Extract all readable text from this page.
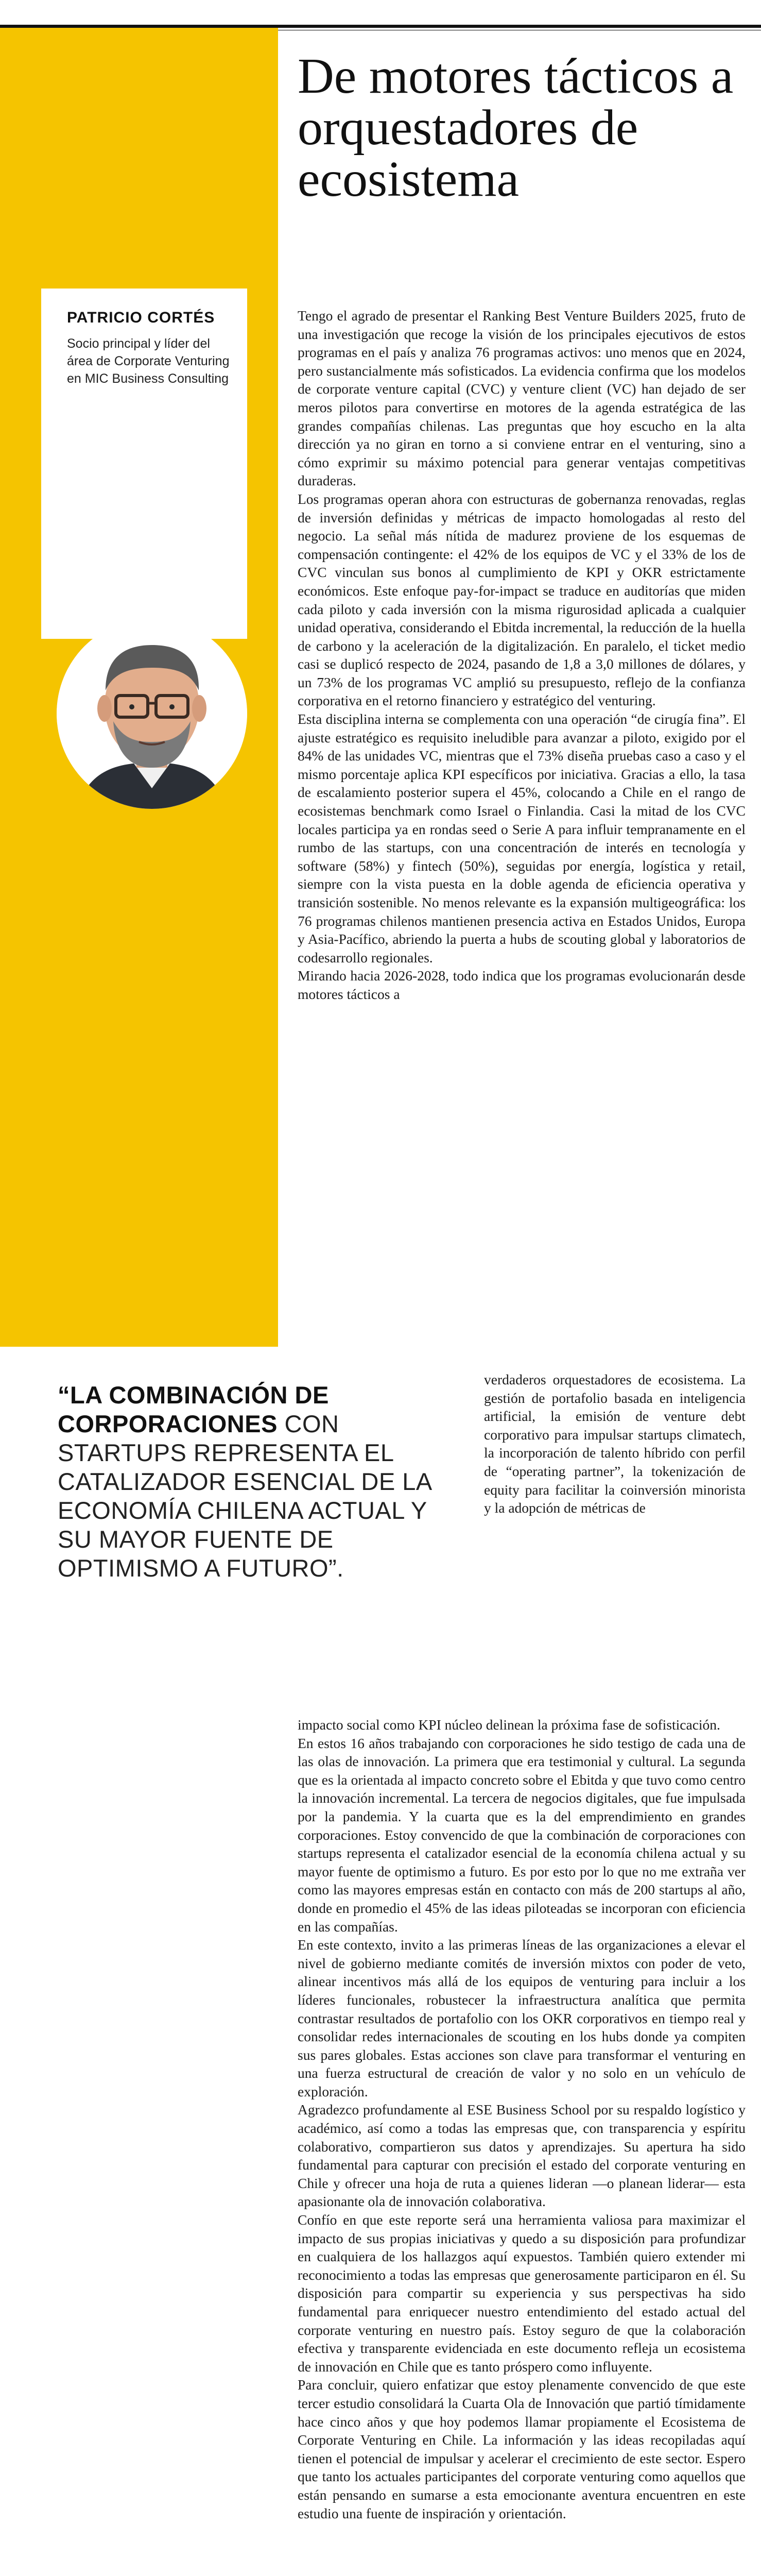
PATRICIO CORTÉS
Socio principal y líder del área de Corporate Venturing en MIC Business Consulting
De motores tácticos a orquestadores de ecosistema

Tengo el agrado de presentar el Ranking Best Venture Builders 2025, fruto de una investigación que recoge la visión de los principales ejecutivos de estos programas en el país y analiza 76 programas activos: uno menos que en 2024, pero sustancialmente más sofisticados. La evidencia confirma que los modelos de corporate venture capital (CVC) y venture client (VC) han dejado de ser meros pilotos para convertirse en motores de la agenda estratégica de las grandes compañías chilenas. Las preguntas que hoy escucho en la alta dirección ya no giran en torno a si conviene entrar en el venturing, sino a cómo exprimir su máximo potencial para generar ventajas competitivas duraderas.

Los programas operan ahora con estructuras de gobernanza renovadas, reglas de inversión definidas y métricas de impacto homologadas al resto del negocio. La señal más nítida de madurez proviene de los esquemas de compensación contingente: el 42% de los equipos de VC y el 33% de los de CVC vinculan sus bonos al cumplimiento de KPI y OKR estrictamente económicos. Este enfoque pay-for-impact se traduce en auditorías que miden cada piloto y cada inversión con la misma rigurosidad aplicada a cualquier unidad operativa, considerando el Ebitda incremental, la reducción de la huella de carbono y la aceleración de la digitalización. En paralelo, el ticket medio casi se duplicó respecto de 2024, pasando de 1,8 a 3,0 millones de dólares, y un 73% de los programas VC amplió su presupuesto, reflejo de la confianza corporativa en el retorno financiero y estratégico del venturing.

Esta disciplina interna se complementa con una operación “de cirugía fina”. El ajuste estratégico es requisito ineludible para avanzar a piloto, exigido por el 84% de las unidades VC, mientras que el 73% diseña pruebas caso a caso y el mismo porcentaje aplica KPI específicos por iniciativa. Gracias a ello, la tasa de escalamiento posterior supera el 45%, colocando a Chile en el rango de ecosistemas benchmark como Israel o Finlandia. Casi la mitad de los CVC locales participa ya en rondas seed o Serie A para influir tempranamente en el rumbo de las startups, con una concentración de interés en tecnología y software (58%) y fintech (50%), seguidas por energía, logística y retail, siempre con la vista puesta en la doble agenda de eficiencia operativa y transición sostenible. No menos relevante es la expansión multigeográfica: los 76 programas chilenos mantienen presencia activa en Estados Unidos, Europa y Asia-Pacífico, abriendo la puerta a hubs de scouting global y laboratorios de codesarrollo regionales.

Mirando hacia 2026-2028, todo indica que los programas evolucionarán desde motores tácticos a

“LA COMBINACIÓN DE CORPORACIONES CON STARTUPS REPRESENTA EL CATALIZADOR ESENCIAL DE LA ECONOMÍA CHILENA ACTUAL Y SU MAYOR FUENTE DE OPTIMISMO A FUTURO”.

verdaderos orquestadores de ecosistema. La gestión de portafolio basada en inteligencia artificial, la emisión de venture debt corporativo para impulsar startups climatech, la incorporación de talento híbrido con perfil de “operating partner”, la tokenización de equity para facilitar la coinversión minorista y la adopción de métricas de

impacto social como KPI núcleo delinean la próxima fase de sofisticación.

En estos 16 años trabajando con corporaciones he sido testigo de cada una de las olas de innovación. La primera que era testimonial y cultural. La segunda que es la orientada al impacto concreto sobre el Ebitda y que tuvo como centro la innovación incremental. La tercera de negocios digitales, que fue impulsada por la pandemia. Y la cuarta que es la del emprendimiento en grandes corporaciones. Estoy convencido de que la combinación de corporaciones con startups representa el catalizador esencial de la economía chilena actual y su mayor fuente de optimismo a futuro. Es por esto por lo que no me extraña ver como las mayores empresas están en contacto con más de 200 startups al año, donde en promedio el 45% de las ideas piloteadas se incorporan con eficiencia en las compañías.

En este contexto, invito a las primeras líneas de las organizaciones a elevar el nivel de gobierno mediante comités de inversión mixtos con poder de veto, alinear incentivos más allá de los equipos de venturing para incluir a los líderes funcionales, robustecer la infraestructura analítica que permita contrastar resultados de portafolio con los OKR corporativos en tiempo real y consolidar redes internacionales de scouting en los hubs donde ya compiten sus pares globales. Estas acciones son clave para transformar el venturing en una fuerza estructural de creación de valor y no solo en un vehículo de exploración.

Agradezco profundamente al ESE Business School por su respaldo logístico y académico, así como a todas las empresas que, con transparencia y espíritu colaborativo, compartieron sus datos y aprendizajes. Su apertura ha sido fundamental para capturar con precisión el estado del corporate venturing en Chile y ofrecer una hoja de ruta a quienes lideran —o planean liderar— esta apasionante ola de innovación colaborativa.

Confío en que este reporte será una herramienta valiosa para maximizar el impacto de sus propias iniciativas y quedo a su disposición para profundizar en cualquiera de los hallazgos aquí expuestos. También quiero extender mi reconocimiento a todas las empresas que generosamente participaron en él. Su disposición para compartir su experiencia y sus perspectivas ha sido fundamental para enriquecer nuestro entendimiento del estado actual del corporate venturing en nuestro país. Estoy seguro de que la colaboración efectiva y transparente evidenciada en este documento refleja un ecosistema de innovación en Chile que es tanto próspero como influyente.

Para concluir, quiero enfatizar que estoy plenamente convencido de que este tercer estudio consolidará la Cuarta Ola de Innovación que partió tímidamente hace cinco años y que hoy podemos llamar propiamente el Ecosistema de Corporate Venturing en Chile. La información y las ideas recopiladas aquí tienen el potencial de impulsar y acelerar el crecimiento de este sector. Espero que tanto los actuales participantes del corporate venturing como aquellos que están pensando en sumarse a esta emocionante aventura encuentren en este estudio una fuente de inspiración y orientación.
